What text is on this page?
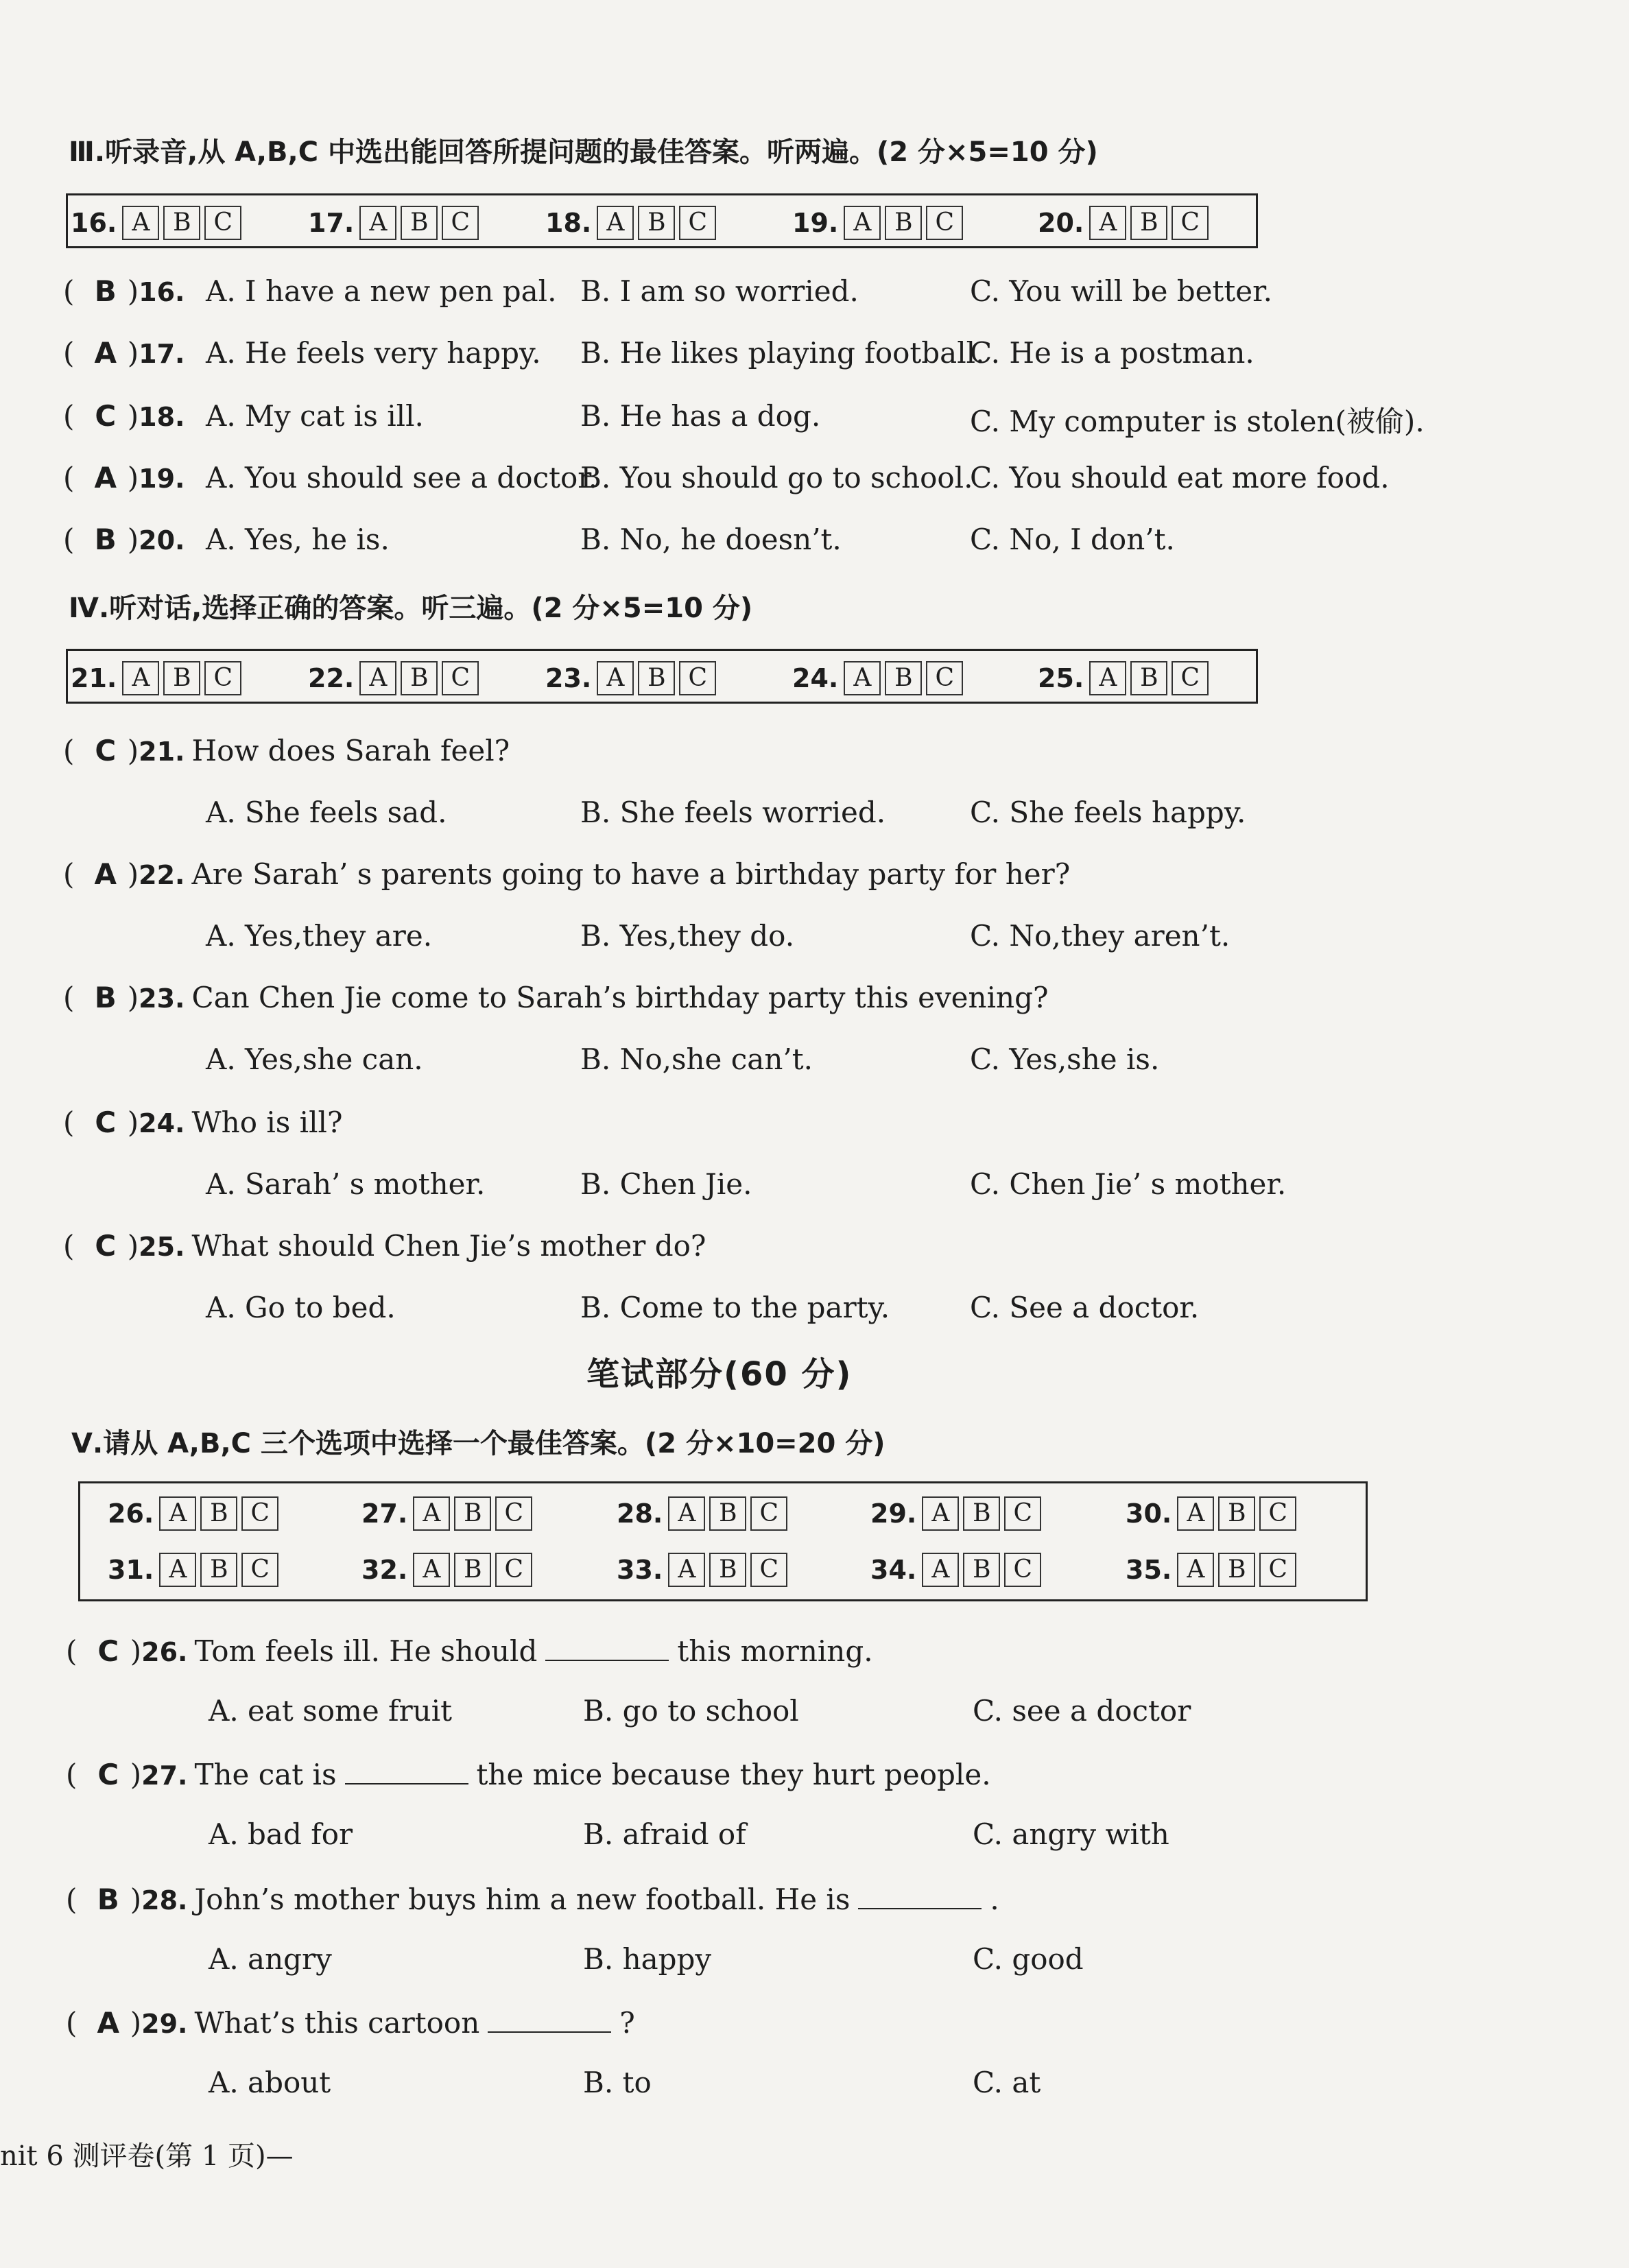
Ⅲ.听录音,从 A,B,C 中选出能回答所提问题的最佳答案。听两遍。(2 分×5=10 分)
16. A B C	17. A B C	18. A B C	19. A B C	20. A B C
( B )16. A. I have a new pen pal. B. I am so worried.	C. You will be better.
( A )17. A. He feels very happy. B. He likes playing football.
C. He is a postman.
( C )18. A. My cat is ill.	B. He has a dog.	C. My computer is stolen(被偷).
( A )19. A. You should see a doctor.
B. You should go to school.
C. You should eat more food.
( B )20. A. Yes, he is.	B. No, he doesn’t.	C. No, I don’t.
Ⅳ.听对话,选择正确的答案。听三遍。(2 分×5=10 分)
21. A B C	22. A B C	23. A B C	24. A B C	25. A B C
( C )21. How does Sarah feel?
A. She feels sad.	B. She feels worried.	C. She feels happy.
( A )22. Are Sarah’ s parents going to have a birthday party for her?
A. Yes,they are.	B. Yes,they do.	C. No,they aren’t.
( B )23. Can Chen Jie come to Sarah’s birthday party this evening?
A. Yes,she can.	B. No,she can’t.	C. Yes,she is.
( C )24. Who is ill?
A. Sarah’ s mother.	B. Chen Jie.	C. Chen Jie’ s mother.
( C )25. What should Chen Jie’s mother do?
A. Go to bed.	B. Come to the party.	C. See a doctor.
笔试部分(60 分)
Ⅴ.请从 A,B,C 三个选项中选择一个最佳答案。(2 分×10=20 分)
26. A B C	27. A B C	28. A B C	29. A B C	30. A B C
31. A B C	32. A B C	33. A B C	34. A B C	35. A B C
( C )26. Tom feels ill. He should	this morning.
A. eat some fruit	B. go to school	C. see a doctor
( C )27. The cat is	the mice because they hurt people.
A. bad for	B. afraid of	C. angry with
( B )28. John’s mother buys him a new football. He is	.
A. angry	B. happy	C. good
( A )29. What’s this cartoon	?
A. about	B. to	C. at
nit 6 测评卷(第 1 页)—
